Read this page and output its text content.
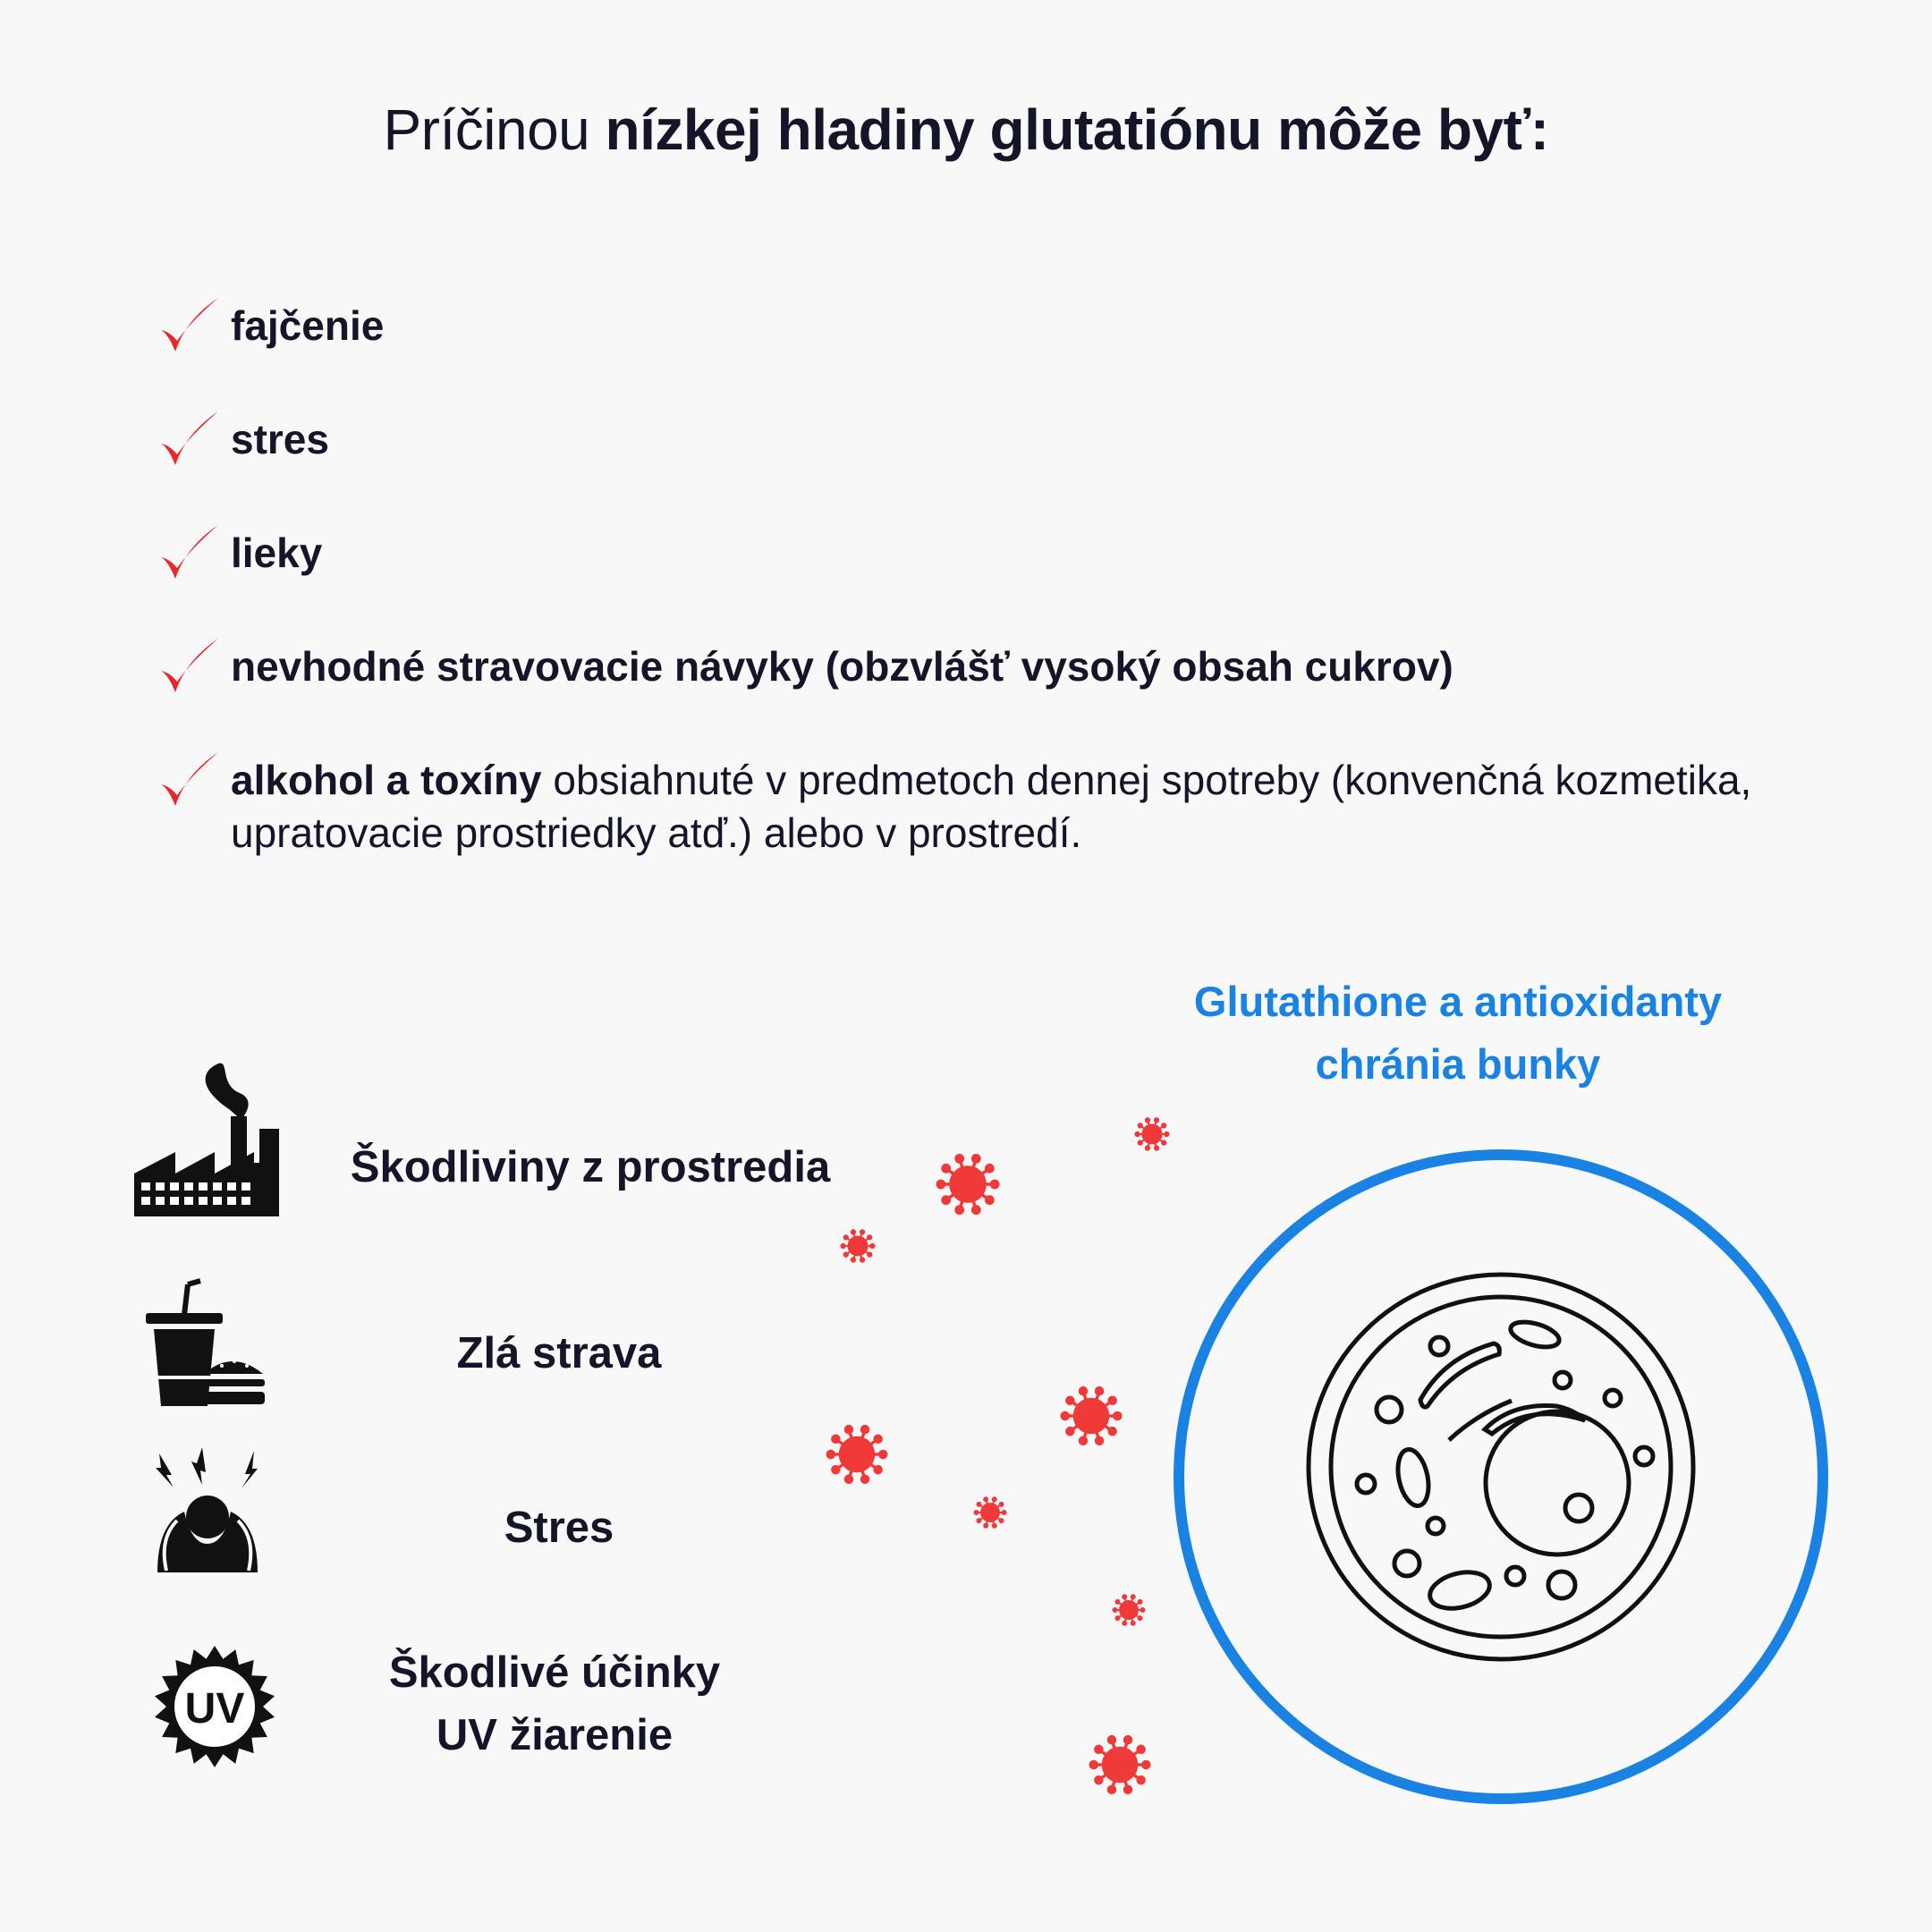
Príčinou nízkej hladiny glutatiónu môže byť:
fajčenie
stres
lieky
nevhodné stravovacie návyky (obzvlášť vysoký obsah cukrov)
alkohol a toxíny obsiahnuté v predmetoch dennej spotreby (konvenčná kozmetika, upratovacie prostriedky atď.) alebo v prostredí.
Glutathione a antioxidanty
chránia bunky
Škodliviny z prostredia
Zlá strava
Stres
Škodlivé účinky
UV žiarenie
UV
